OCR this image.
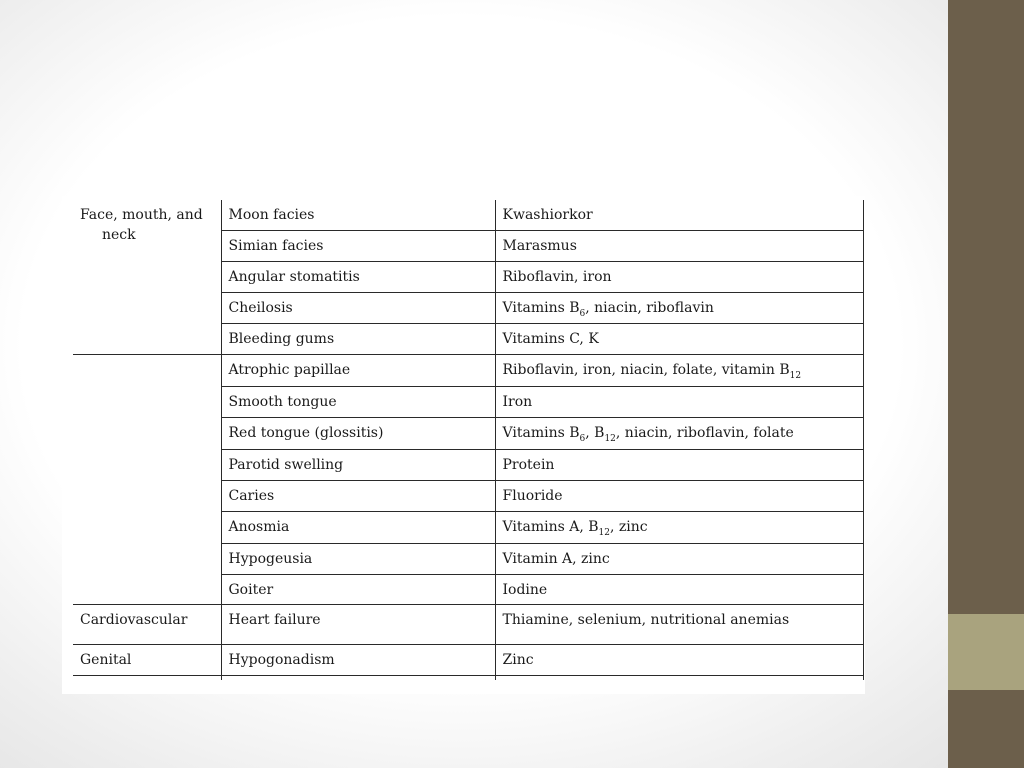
Face, mouth, and
neck	Moon facies	Kwashiorkor
	Simian facies	Marasmus
	Angular stomatitis	Riboflavin, iron
	Cheilosis	Vitamins $B_6$, niacin, riboflavin
	Bleeding gums	Vitamins C, K
	Atrophic papillae	Riboflavin, iron, niacin, folate, vitamin $B_{12}$
	Smooth tongue	Iron
	Red tongue (glossitis)	Vitamins $B_6$, $B_{12}$, niacin, riboflavin, folate
	Parotid swelling	Protein
	Caries	Fluoride
	Anosmia	Vitamins A, $B_{12}$, zinc
	Hypogeusia	Vitamin A, zinc
	Goiter	Iodine
Cardiovascular	Heart failure	Thiamine, selenium, nutritional anemias
Genital	Hypogonadism	Zinc
